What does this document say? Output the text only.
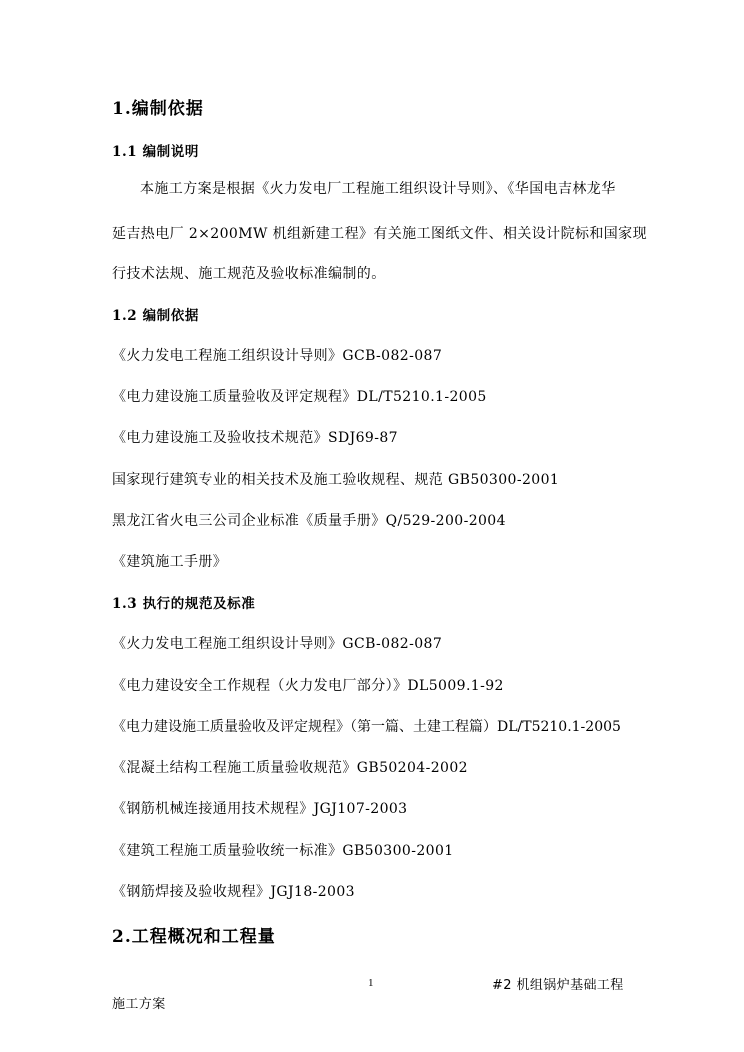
1.编制依据
1.1 编制说明
本施工方案是根据《火力发电厂工程施工组织设计导则》、《华国电吉林龙华
延吉热电厂 2×200MW 机组新建工程》有关施工图纸文件、相关设计院标和国家现
行技术法规、施工规范及验收标准编制的。
1.2 编制依据
《火力发电工程施工组织设计导则》GCB-082-087
《电力建设施工质量验收及评定规程》DL/T5210.1-2005
《电力建设施工及验收技术规范》SDJ69-87
国家现行建筑专业的相关技术及施工验收规程、规范 GB50300-2001
黑龙江省火电三公司企业标准《质量手册》Q/529-200-2004
《建筑施工手册》
1.3 执行的规范及标准
《火力发电工程施工组织设计导则》GCB-082-087
《电力建设安全工作规程（火力发电厂部分）》DL5009.1-92
《电力建设施工质量验收及评定规程》（第一篇、土建工程篇）DL/T5210.1-2005
《混凝土结构工程施工质量验收规范》GB50204-2002
《钢筋机械连接通用技术规程》JGJ107-2003
《建筑工程施工质量验收统一标准》GB50300-2001
《钢筋焊接及验收规程》JGJ18-2003
2.工程概况和工程量
1	#2 机组锅炉基础工程
施工方案
